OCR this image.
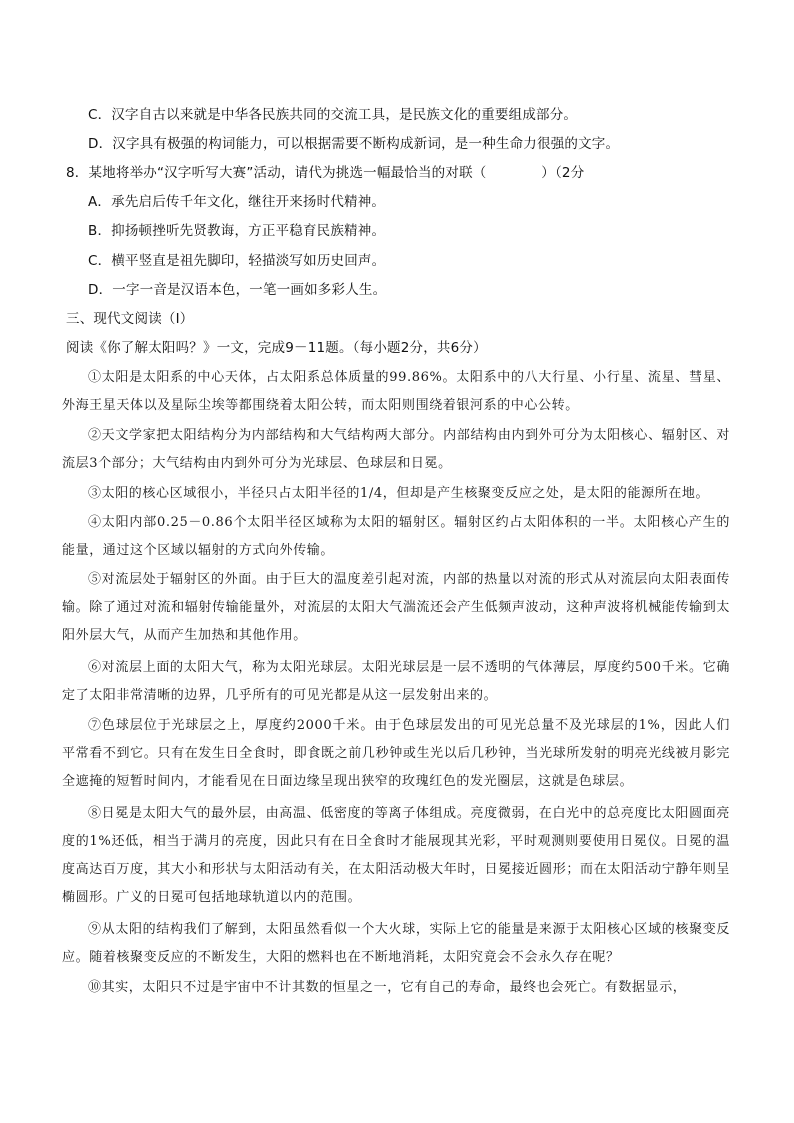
C．汉字自古以来就是中华各民族共同的交流工具，是民族文化的重要组成部分。
D．汉字具有极强的构词能力，可以根据需要不断构成新词，是一种生命力很强的文字。
8．某地将举办“汉字听写大赛”活动，请代为挑选一幅最恰当的对联（　　　　）（2分
A．承先启后传千年文化，继往开来扬时代精神。
B．抑扬顿挫听先贤教诲，方正平稳育民族精神。
C．横平竖直是祖先脚印，轻描淡写如历史回声。
D．一字一音是汉语本色，一笔一画如多彩人生。
三、现代文阅读（Ⅰ）
阅读《你了解太阳吗？》一文，完成9－11题。（每小题2分，共6分）
①太阳是太阳系的中心天体，占太阳系总体质量的99.86%。太阳系中的八大行星、小行星、流星、彗星、外海王星天体以及星际尘埃等都围绕着太阳公转，而太阳则围绕着银河系的中心公转。
②天文学家把太阳结构分为内部结构和大气结构两大部分。内部结构由内到外可分为太阳核心、辐射区、对流层3个部分；大气结构由内到外可分为光球层、色球层和日冕。
③太阳的核心区域很小，半径只占太阳半径的1/4，但却是产生核聚变反应之处，是太阳的能源所在地。
④太阳内部0.25－0.86个太阳半径区域称为太阳的辐射区。辐射区约占太阳体积的一半。太阳核心产生的能量，通过这个区域以辐射的方式向外传输。
⑤对流层处于辐射区的外面。由于巨大的温度差引起对流，内部的热量以对流的形式从对流层向太阳表面传输。除了通过对流和辐射传输能量外，对流层的太阳大气湍流还会产生低频声波动，这种声波将机械能传输到太阳外层大气，从而产生加热和其他作用。
⑥对流层上面的太阳大气，称为太阳光球层。太阳光球层是一层不透明的气体薄层，厚度约500千米。它确定了太阳非常清晰的边界，几乎所有的可见光都是从这一层发射出来的。
⑦色球层位于光球层之上，厚度约2000千米。由于色球层发出的可见光总量不及光球层的1%，因此人们平常看不到它。只有在发生日全食时，即食既之前几秒钟或生光以后几秒钟，当光球所发射的明亮光线被月影完全遮掩的短暂时间内，才能看见在日面边缘呈现出狭窄的玫瑰红色的发光圈层，这就是色球层。
⑧日冕是太阳大气的最外层，由高温、低密度的等离子体组成。亮度微弱，在白光中的总亮度比太阳圆面亮度的1%还低，相当于满月的亮度，因此只有在日全食时才能展现其光彩，平时观测则要使用日冕仪。日冕的温度高达百万度，其大小和形状与太阳活动有关，在太阳活动极大年时，日冕接近圆形；而在太阳活动宁静年则呈椭圆形。广义的日冕可包括地球轨道以内的范围。
⑨从太阳的结构我们了解到，太阳虽然看似一个大火球，实际上它的能量是来源于太阳核心区域的核聚变反应。随着核聚变反应的不断发生，大阳的燃料也在不断地消耗，太阳究竟会不会永久存在呢？
⑩其实，太阳只不过是宇宙中不计其数的恒星之一，它有自己的寿命，最终也会死亡。有数据显示，
